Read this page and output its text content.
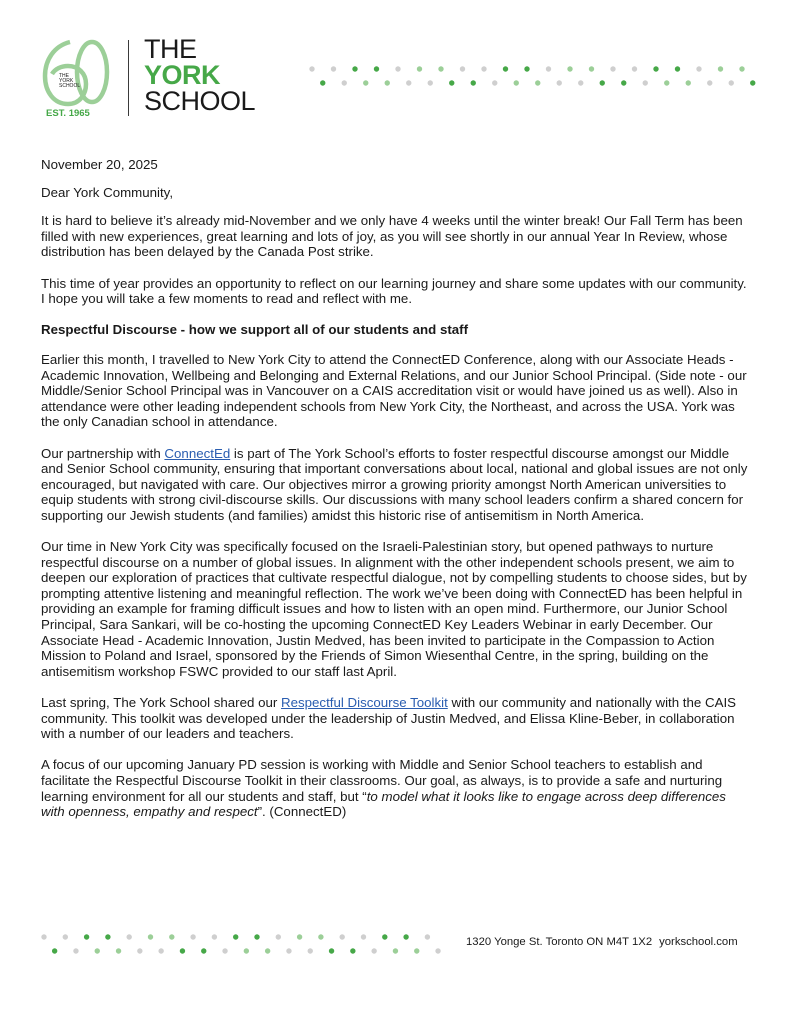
THE
YORK
SCHOOL
EST. 1965
THE
YORK
SCHOOL

November 20, 2025

Dear York Community,

It is hard to believe it’s already mid-November and we only have 4 weeks until the winter break! Our Fall Term has been filled with new experiences, great learning and lots of joy, as you will see shortly in our annual Year In Review, whose distribution has been delayed by the Canada Post strike.

This time of year provides an opportunity to reflect on our learning journey and share some updates with our community. I hope you will take a few moments to read and reflect with me.

Respectful Discourse - how we support all of our students and staff

Earlier this month, I travelled to New York City to attend the ConnectED Conference, along with our Associate Heads - Academic Innovation, Wellbeing and Belonging and External Relations, and our Junior School Principal. (Side note - our Middle/Senior School Principal was in Vancouver on a CAIS accreditation visit or would have joined us as well). Also in attendance were other leading independent schools from New York City, the Northeast, and across the USA. York was the only Canadian school in attendance.

Our partnership with ConnectEd is part of The York School’s efforts to foster respectful discourse amongst our Middle and Senior School community, ensuring that important conversations about local, national and global issues are not only encouraged, but navigated with care. Our objectives mirror a growing priority amongst North American universities to equip students with strong civil-discourse skills. Our discussions with many school leaders confirm a shared concern for supporting our Jewish students (and families) amidst this historic rise of antisemitism in North America.

Our time in New York City was specifically focused on the Israeli-Palestinian story, but opened pathways to nurture respectful discourse on a number of global issues. In alignment with the other independent schools present, we aim to deepen our exploration of practices that cultivate respectful dialogue, not by compelling students to choose sides, but by prompting attentive listening and meaningful reflection. The work we’ve been doing with ConnectED has been helpful in providing an example for framing difficult issues and how to listen with an open mind. Furthermore, our Junior School Principal, Sara Sankari, will be co-hosting the upcoming ConnectED Key Leaders Webinar in early December. Our Associate Head - Academic Innovation, Justin Medved, has been invited to participate in the Compassion to Action Mission to Poland and Israel, sponsored by the Friends of Simon Wiesenthal Centre, in the spring, building on the antisemitism workshop FSWC provided to our staff last April.

Last spring, The York School shared our Respectful Discourse Toolkit with our community and nationally with the CAIS community. This toolkit was developed under the leadership of Justin Medved, and Elissa Kline-Beber, in collaboration with a number of our leaders and teachers.

A focus of our upcoming January PD session is working with Middle and Senior School teachers to establish and facilitate the Respectful Discourse Toolkit in their classrooms. Our goal, as always, is to provide a safe and nurturing learning environment for all our students and staff, but “to model what it looks like to engage across deep differences with openness, empathy and respect”. (ConnectED)

1320 Yonge St. Toronto ON M4T 1X2 yorkschool.com
